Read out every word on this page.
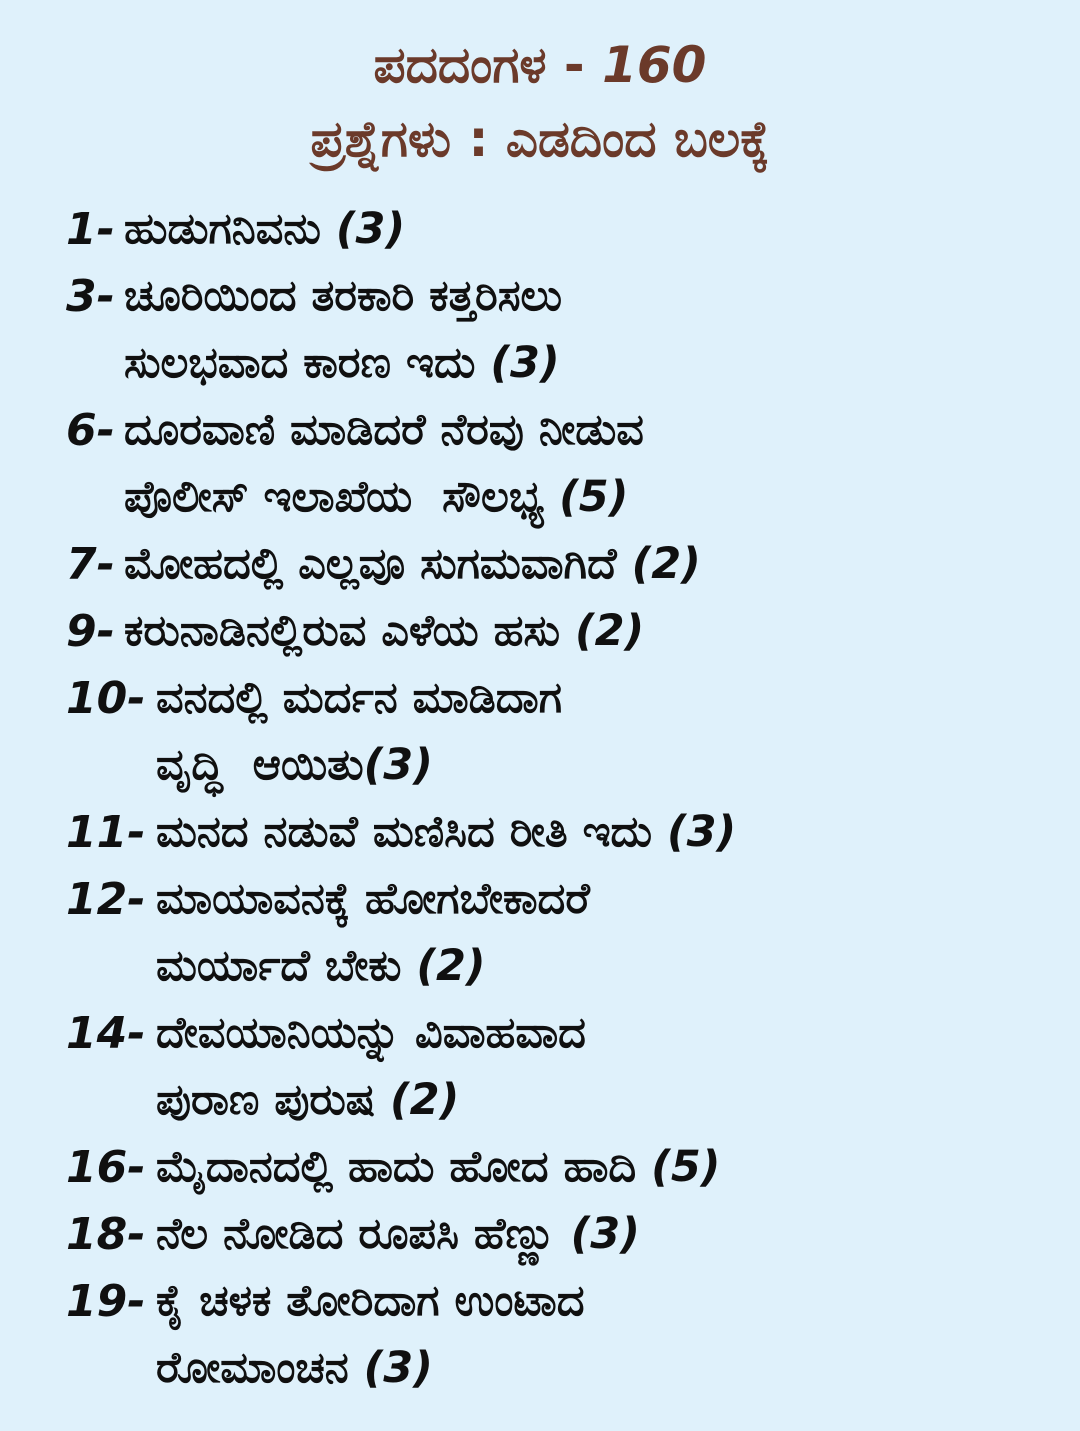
ಪದದಂಗಳ - 160
ಪ್ರಶ್ನೆಗಳು : ಎಡದಿಂದ ಬಲಕ್ಕೆ
1- ಹುಡುಗನಿವನು (3)
3- ಚೂರಿಯಿಂದ ತರಕಾರಿ ಕತ್ತರಿಸಲು
ಸುಲಭವಾದ ಕಾರಣ ಇದು (3)
6- ದೂರವಾಣಿ ಮಾಡಿದರೆ ನೆರವು ನೀಡುವ
ಪೊಲೀಸ್ ಇಲಾಖೆಯ  ಸೌಲಭ್ಯ (5)
7- ಮೋಹದಲ್ಲಿ ಎಲ್ಲವೂ ಸುಗಮವಾಗಿದೆ (2)
9- ಕರುನಾಡಿನಲ್ಲಿರುವ ಎಳೆಯ ಹಸು (2)
10- ವನದಲ್ಲಿ ಮರ್ದನ ಮಾಡಿದಾಗ
ವೃದ್ಧಿ  ಆಯಿತು(3)
11- ಮನದ ನಡುವೆ ಮಣಿಸಿದ ರೀತಿ ಇದು (3)
12- ಮಾಯಾವನಕ್ಕೆ ಹೋಗಬೇಕಾದರೆ
ಮರ್ಯಾದೆ ಬೇಕು (2)
14- ದೇವಯಾನಿಯನ್ನು ವಿವಾಹವಾದ
ಪುರಾಣ ಪುರುಷ (2)
16- ಮೈದಾನದಲ್ಲಿ ಹಾದು ಹೋದ ಹಾದಿ (5)
18- ನೆಲ ನೋಡಿದ ರೂಪಸಿ ಹೆಣ್ಣು (3)
19- ಕೈ ಚಳಕ ತೋರಿದಾಗ ಉಂಟಾದ
ರೋಮಾಂಚನ (3)
